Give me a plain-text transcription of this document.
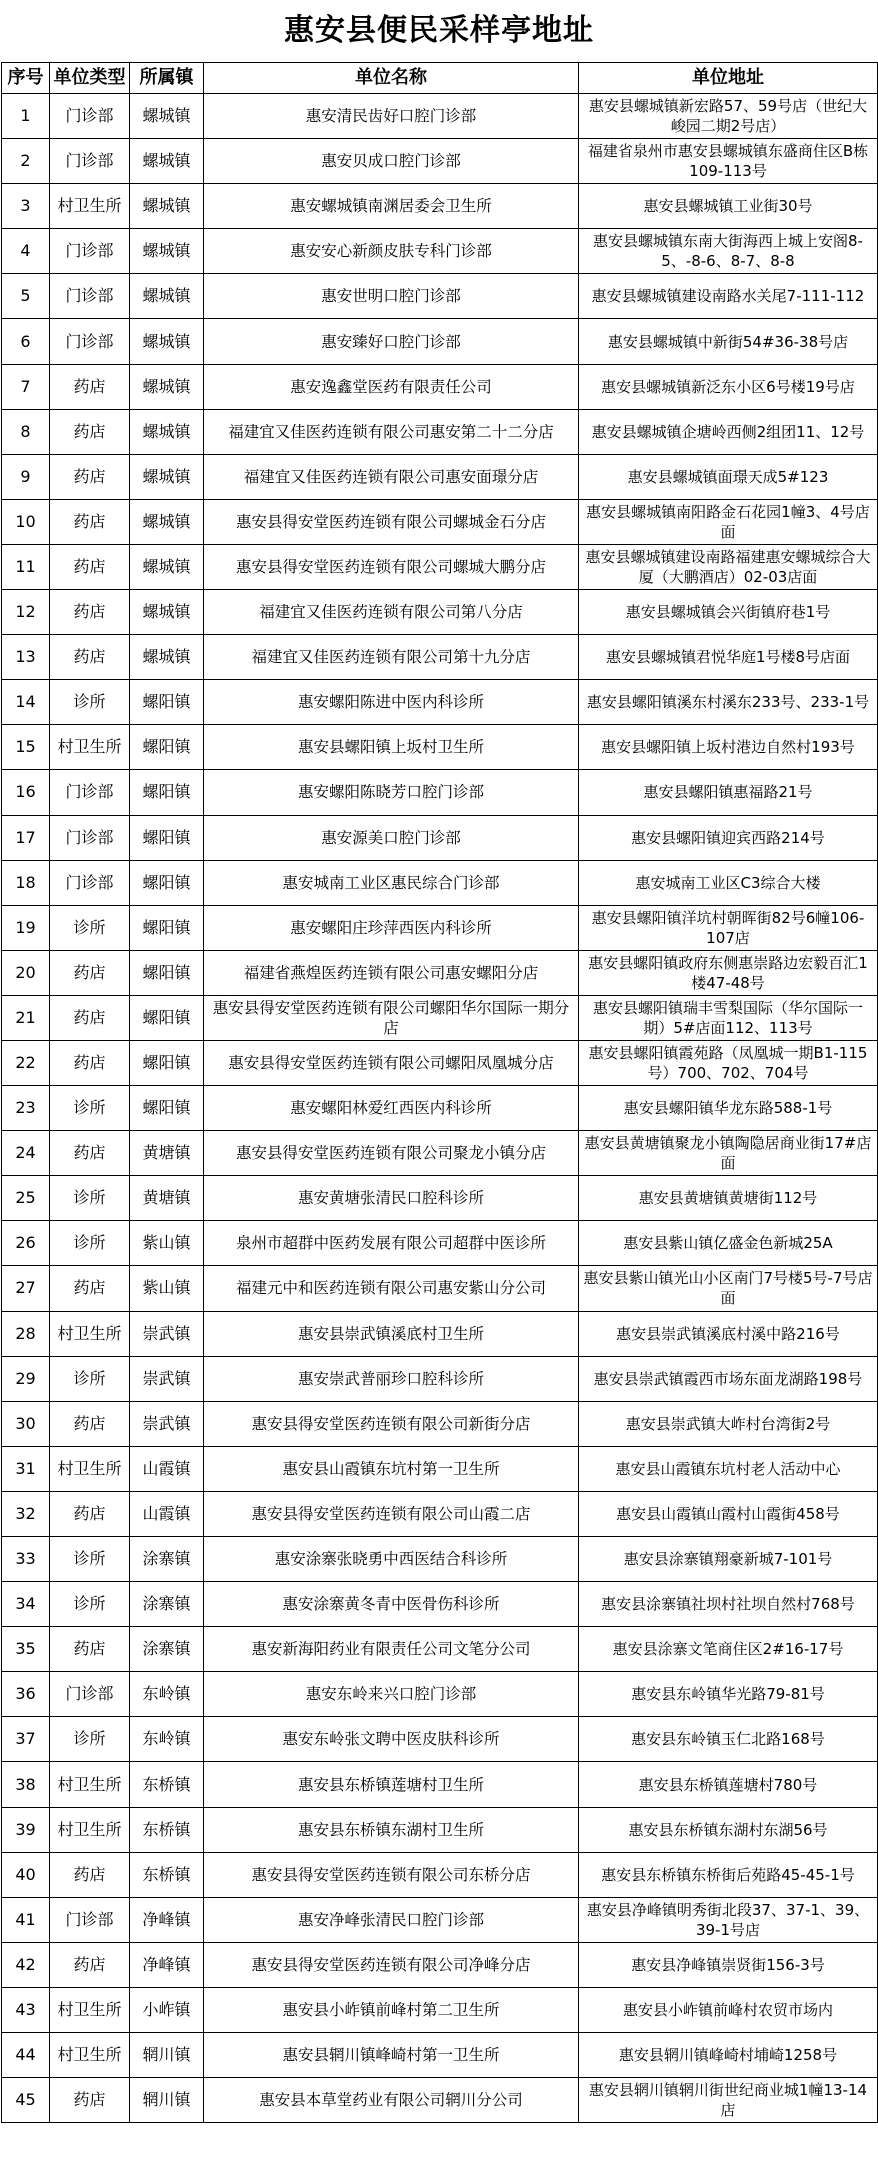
惠安县便民采样亭地址
序号	单位类型	所属镇	单位名称	单位地址
1	门诊部	螺城镇	惠安清民齿好口腔门诊部	惠安县螺城镇新宏路57、59号店（世纪大峻园二期2号店）
2	门诊部	螺城镇	惠安贝成口腔门诊部	福建省泉州市惠安县螺城镇东盛商住区B栋109-113号
3	村卫生所	螺城镇	惠安螺城镇南渊居委会卫生所	惠安县螺城镇工业街30号
4	门诊部	螺城镇	惠安安心新颜皮肤专科门诊部	惠安县螺城镇东南大街海西上城上安阁8-5、-8-6、8-7、8-8
5	门诊部	螺城镇	惠安世明口腔门诊部	惠安县螺城镇建设南路水关尾7-111-112
6	门诊部	螺城镇	惠安臻好口腔门诊部	惠安县螺城镇中新街54#36-38号店
7	药店	螺城镇	惠安逸鑫堂医药有限责任公司	惠安县螺城镇新泛东小区6号楼19号店
8	药店	螺城镇	福建宜又佳医药连锁有限公司惠安第二十二分店	惠安县螺城镇企塘岭西侧2组团11、12号
9	药店	螺城镇	福建宜又佳医药连锁有限公司惠安面璟分店	惠安县螺城镇面璟天成5#123
10	药店	螺城镇	惠安县得安堂医药连锁有限公司螺城金石分店	惠安县螺城镇南阳路金石花园1幢3、4号店面
11	药店	螺城镇	惠安县得安堂医药连锁有限公司螺城大鹏分店	惠安县螺城镇建设南路福建惠安螺城综合大厦（大鹏酒店）02-03店面
12	药店	螺城镇	福建宜又佳医药连锁有限公司第八分店	惠安县螺城镇会兴街镇府巷1号
13	药店	螺城镇	福建宜又佳医药连锁有限公司第十九分店	惠安县螺城镇君悦华庭1号楼8号店面
14	诊所	螺阳镇	惠安螺阳陈进中医内科诊所	惠安县螺阳镇溪东村溪东233号、233-1号
15	村卫生所	螺阳镇	惠安县螺阳镇上坂村卫生所	惠安县螺阳镇上坂村港边自然村193号
16	门诊部	螺阳镇	惠安螺阳陈晓芳口腔门诊部	惠安县螺阳镇惠福路21号
17	门诊部	螺阳镇	惠安源美口腔门诊部	惠安县螺阳镇迎宾西路214号
18	门诊部	螺阳镇	惠安城南工业区惠民综合门诊部	惠安城南工业区C3综合大楼
19	诊所	螺阳镇	惠安螺阳庄珍萍西医内科诊所	惠安县螺阳镇洋坑村朝晖街82号6幢106-107店
20	药店	螺阳镇	福建省燕煌医药连锁有限公司惠安螺阳分店	惠安县螺阳镇政府东侧惠崇路边宏毅百汇1楼47-48号
21	药店	螺阳镇	惠安县得安堂医药连锁有限公司螺阳华尔国际一期分店	惠安县螺阳镇瑞丰雪梨国际（华尔国际一期）5#店面112、113号
22	药店	螺阳镇	惠安县得安堂医药连锁有限公司螺阳凤凰城分店	惠安县螺阳镇霞苑路（凤凰城一期B1-115号）700、702、704号
23	诊所	螺阳镇	惠安螺阳林爱红西医内科诊所	惠安县螺阳镇华龙东路588-1号
24	药店	黄塘镇	惠安县得安堂医药连锁有限公司聚龙小镇分店	惠安县黄塘镇聚龙小镇陶隐居商业街17#店面
25	诊所	黄塘镇	惠安黄塘张清民口腔科诊所	惠安县黄塘镇黄塘街112号
26	诊所	紫山镇	泉州市超群中医药发展有限公司超群中医诊所	惠安县紫山镇亿盛金色新城25A
27	药店	紫山镇	福建元中和医药连锁有限公司惠安紫山分公司	惠安县紫山镇光山小区南门7号楼5号-7号店面
28	村卫生所	崇武镇	惠安县崇武镇溪底村卫生所	惠安县崇武镇溪底村溪中路216号
29	诊所	崇武镇	惠安崇武普丽珍口腔科诊所	惠安县崇武镇霞西市场东面龙湖路198号
30	药店	崇武镇	惠安县得安堂医药连锁有限公司新街分店	惠安县崇武镇大岞村台湾街2号
31	村卫生所	山霞镇	惠安县山霞镇东坑村第一卫生所	惠安县山霞镇东坑村老人活动中心
32	药店	山霞镇	惠安县得安堂医药连锁有限公司山霞二店	惠安县山霞镇山霞村山霞街458号
33	诊所	涂寨镇	惠安涂寨张晓勇中西医结合科诊所	惠安县涂寨镇翔豪新城7-101号
34	诊所	涂寨镇	惠安涂寨黄冬青中医骨伤科诊所	惠安县涂寨镇社坝村社坝自然村768号
35	药店	涂寨镇	惠安新海阳药业有限责任公司文笔分公司	惠安县涂寨文笔商住区2#16-17号
36	门诊部	东岭镇	惠安东岭来兴口腔门诊部	惠安县东岭镇华光路79-81号
37	诊所	东岭镇	惠安东岭张文聘中医皮肤科诊所	惠安县东岭镇玉仁北路168号
38	村卫生所	东桥镇	惠安县东桥镇莲塘村卫生所	惠安县东桥镇莲塘村780号
39	村卫生所	东桥镇	惠安县东桥镇东湖村卫生所	惠安县东桥镇东湖村东湖56号
40	药店	东桥镇	惠安县得安堂医药连锁有限公司东桥分店	惠安县东桥镇东桥街后苑路45-45-1号
41	门诊部	净峰镇	惠安净峰张清民口腔门诊部	惠安县净峰镇明秀街北段37、37-1、39、39-1号店
42	药店	净峰镇	惠安县得安堂医药连锁有限公司净峰分店	惠安县净峰镇崇贤街156-3号
43	村卫生所	小岞镇	惠安县小岞镇前峰村第二卫生所	惠安县小岞镇前峰村农贸市场内
44	村卫生所	辋川镇	惠安县辋川镇峰崎村第一卫生所	惠安县辋川镇峰崎村埔崎1258号
45	药店	辋川镇	惠安县本草堂药业有限公司辋川分公司	惠安县辋川镇辋川街世纪商业城1幢13-14店
